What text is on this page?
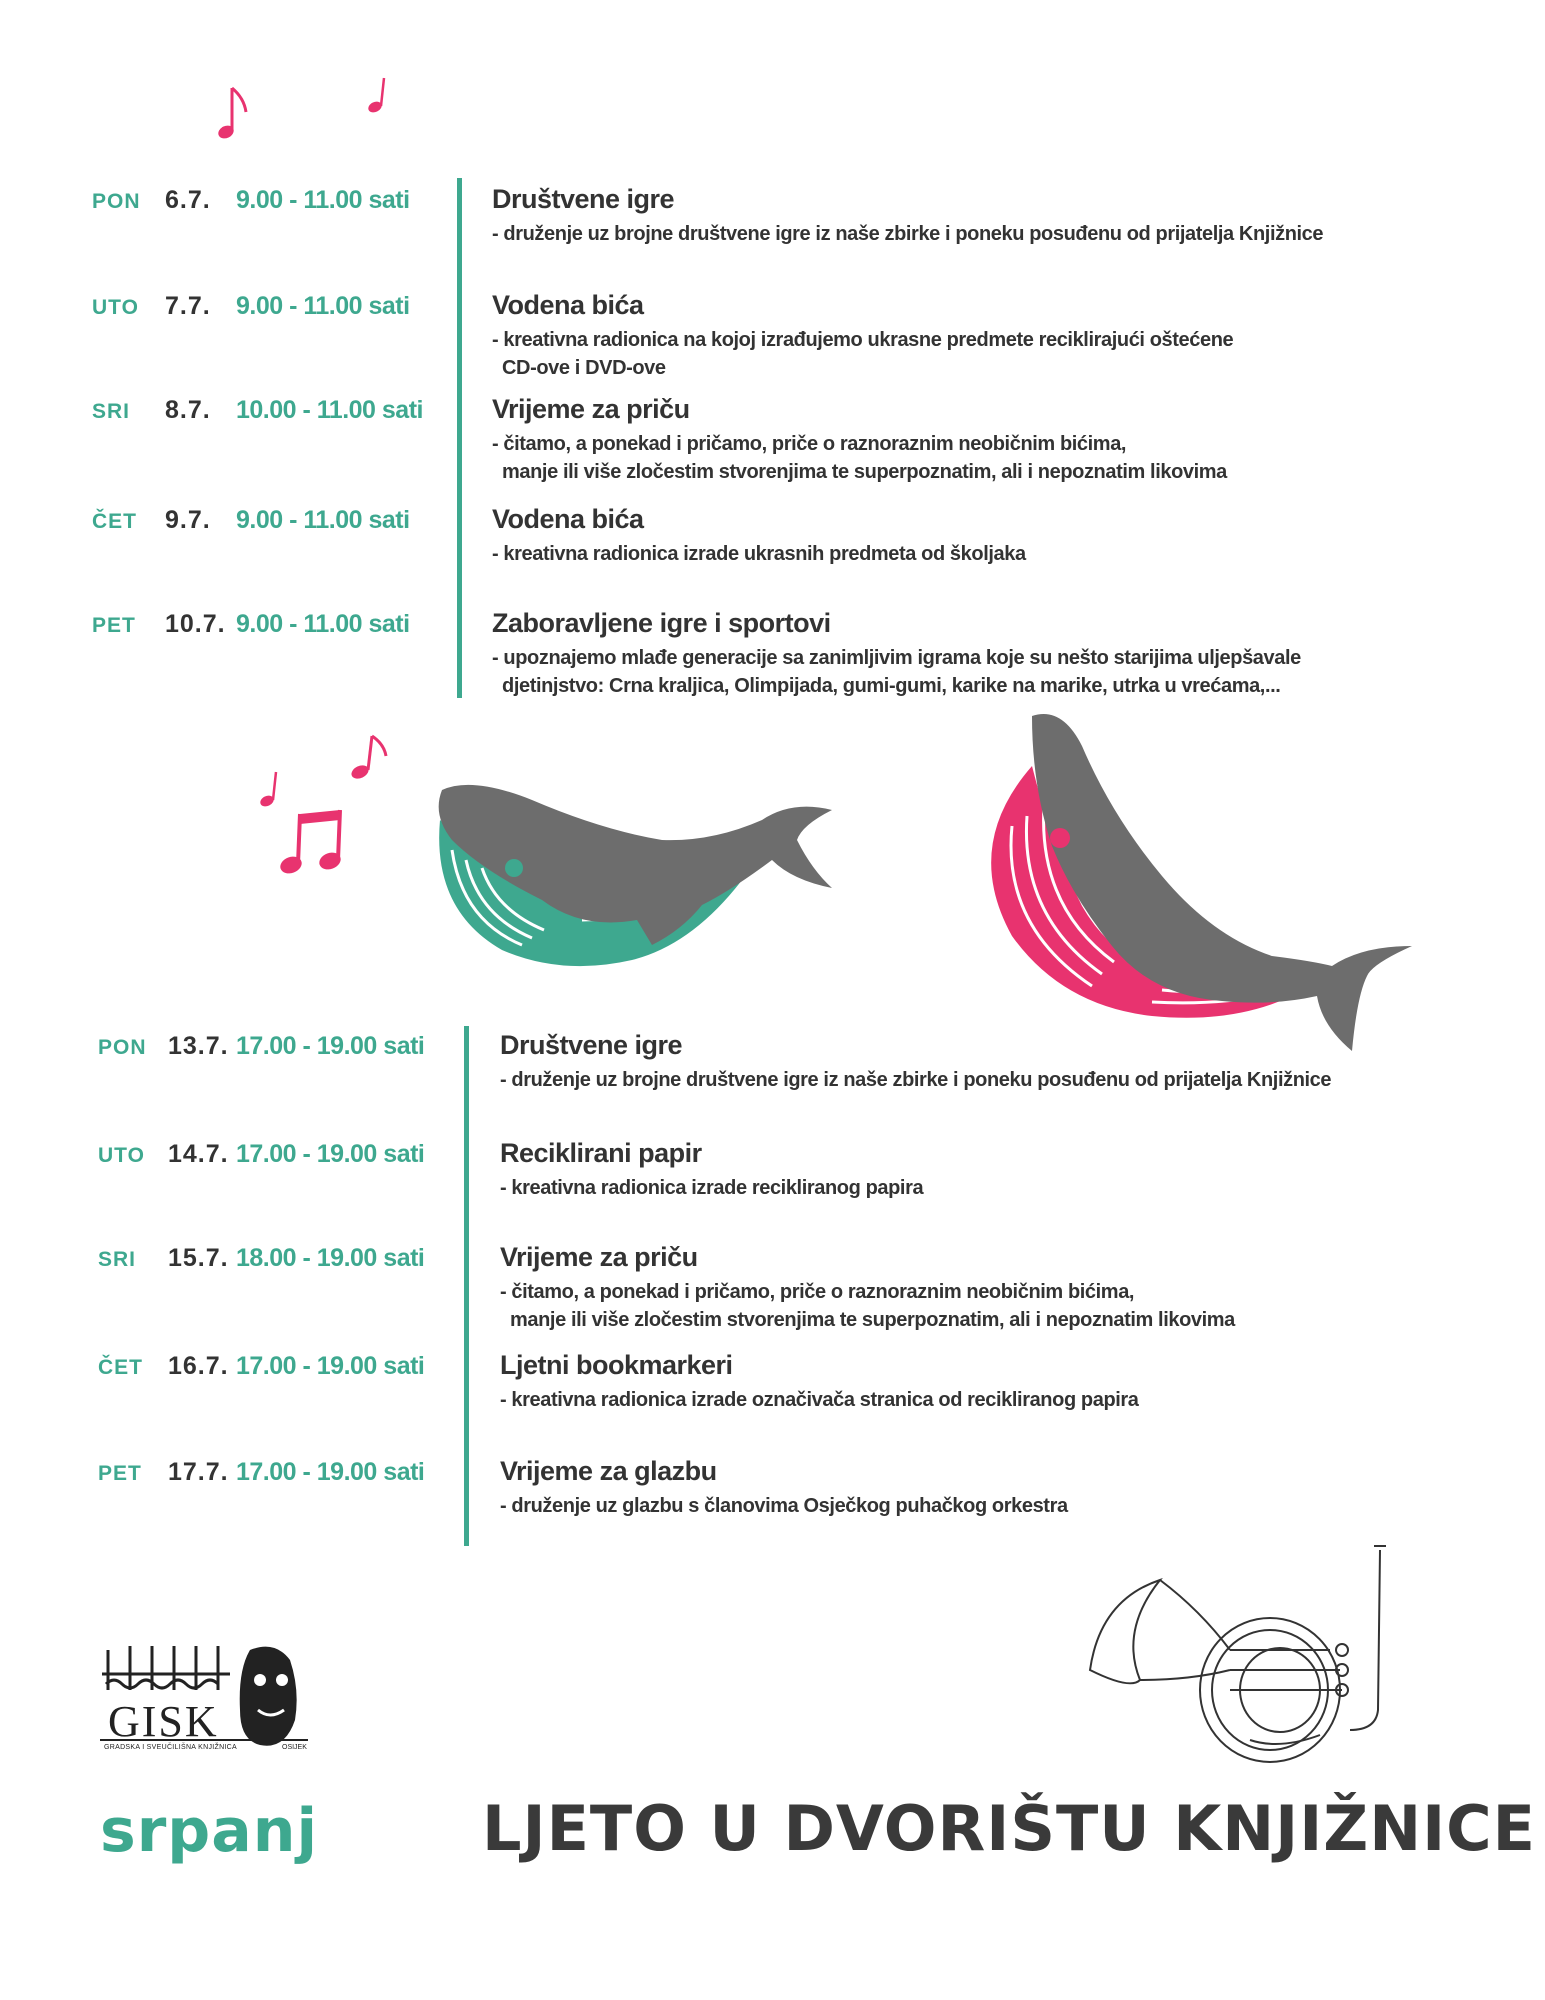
PON 6.7. 9.00 - 11.00 sati	Društvene igre
- druženje uz brojne društvene igre iz naše zbirke i poneku posuđenu od prijatelja Knjižnice
UTO 7.7. 9.00 - 11.00 sati	Vodena bića
- kreativna radionica na kojoj izrađujemo ukrasne predmete reciklirajući oštećene
CD-ove i DVD-ove
SRI 8.7. 10.00 - 11.00 sati	Vrijeme za priču
- čitamo, a ponekad i pričamo, priče o raznoraznim neobičnim bićima,
manje ili više zločestim stvorenjima te superpoznatim, ali i nepoznatim likovima
ČET 9.7. 9.00 - 11.00 sati	Vodena bića
- kreativna radionica izrade ukrasnih predmeta od školjaka
PET 10.7. 9.00 - 11.00 sati	Zaboravljene igre i sportovi
- upoznajemo mlađe generacije sa zanimljivim igrama koje su nešto starijima uljepšavale
djetinjstvo: Crna kraljica, Olimpijada, gumi-gumi, karike na marike, utrka u vrećama,...
PON 13.7. 17.00 - 19.00 sati	Društvene igre
- druženje uz brojne društvene igre iz naše zbirke i poneku posuđenu od prijatelja Knjižnice
UTO 14.7. 17.00 - 19.00 sati	Reciklirani papir
- kreativna radionica izrade recikliranog papira
SRI 15.7. 18.00 - 19.00 sati	Vrijeme za priču
- čitamo, a ponekad i pričamo, priče o raznoraznim neobičnim bićima,
manje ili više zločestim stvorenjima te superpoznatim, ali i nepoznatim likovima
ČET 16.7. 17.00 - 19.00 sati	Ljetni bookmarkeri
- kreativna radionica izrade označivača stranica od recikliranog papira
PET 17.7. 17.00 - 19.00 sati	Vrijeme za glazbu
- druženje uz glazbu s članovima Osječkog puhačkog orkestra
GISK
GRADSKA I SVEUČILIŠNA KNJIŽNICA	OSIJEK
srpanj	LJETO U DVORIŠTU KNJIŽNICE
